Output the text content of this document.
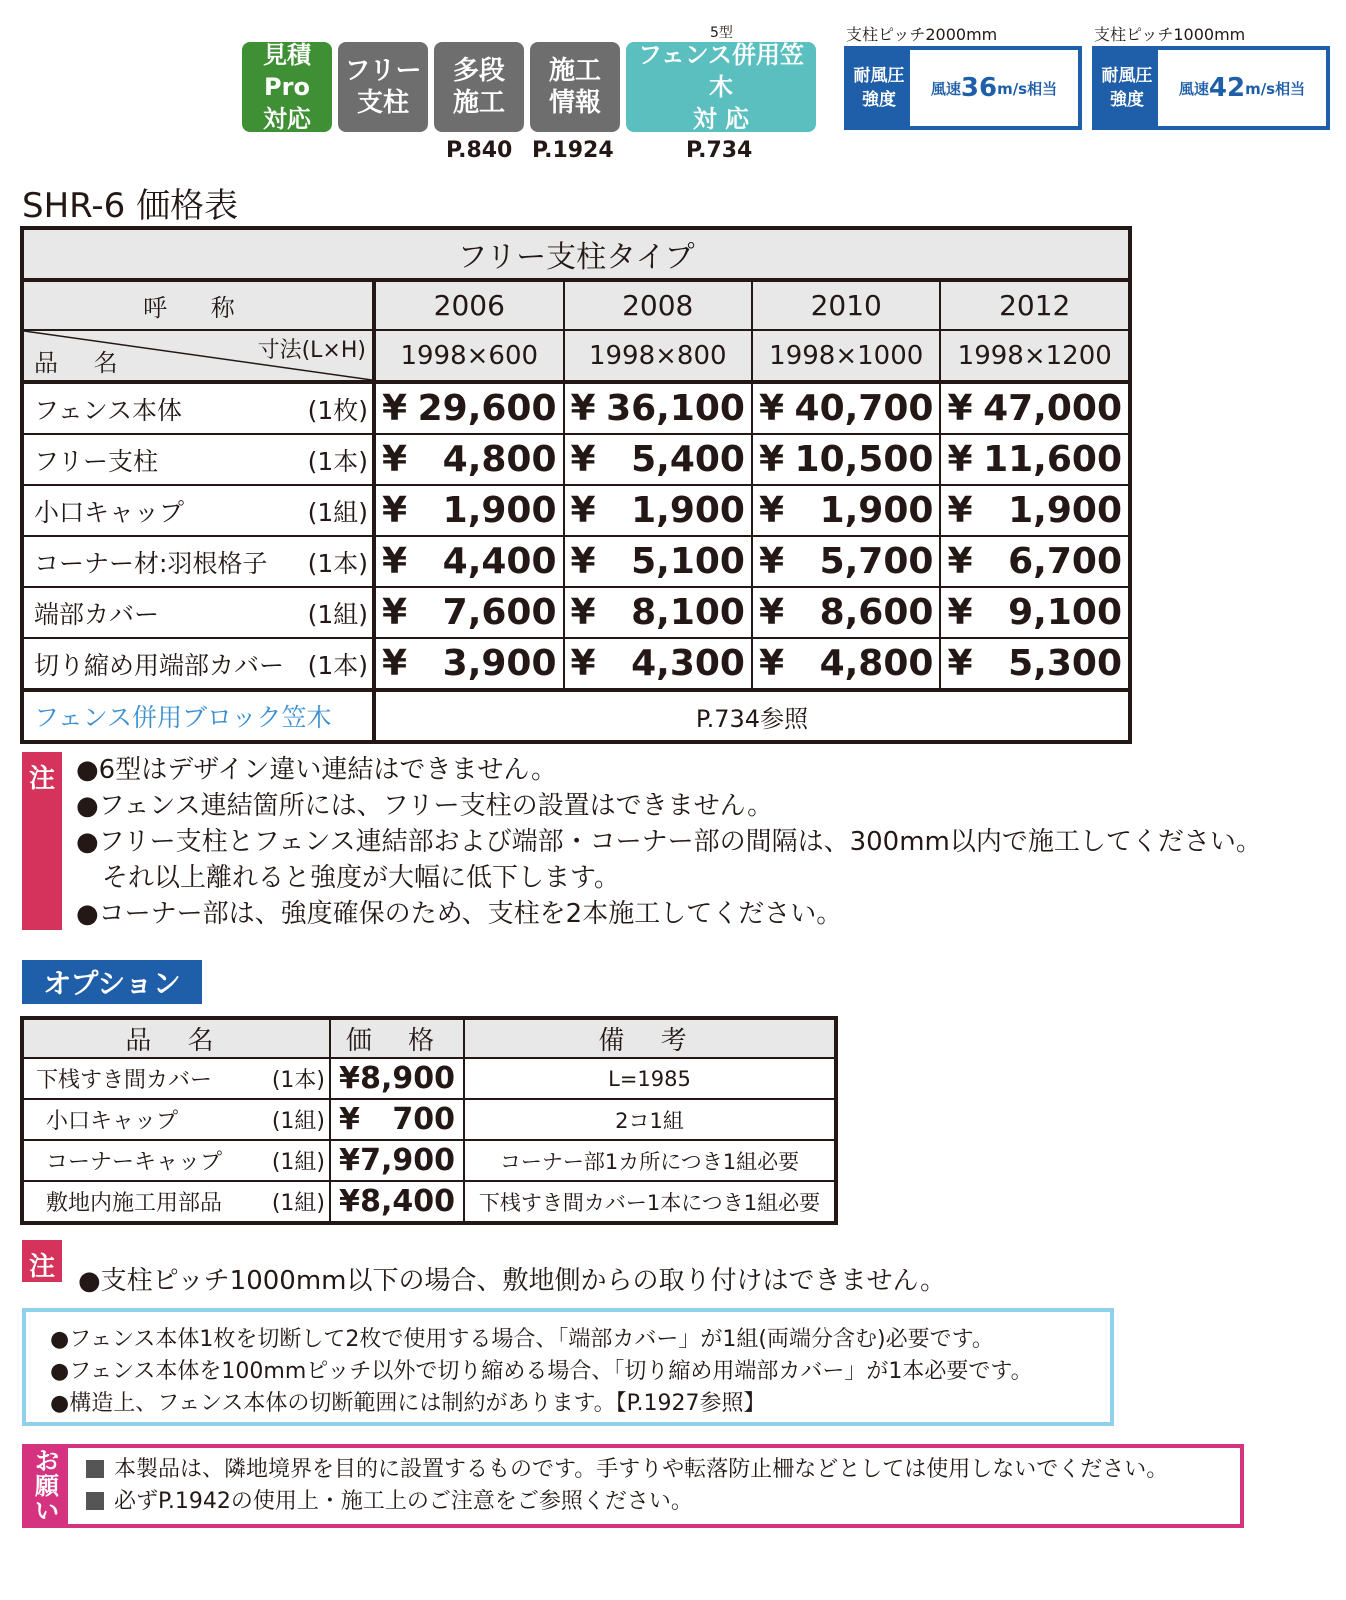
見積Pro
対応
フリー
支柱
多段
施工
施工
情報
5型
フェンス併用笠木
対 応
P.840 P.1924	P.734
支柱ピッチ2000mm
耐風圧
強度
風速 36 m/s相当
支柱ピッチ1000mm
耐風圧
強度
風速 42 m/s相当
SHR-6 価格表
フリー支柱タイプ				
呼 称	2006	2008	2010	2012

寸法(L×H)
品 名	1998×600	1998×800	1998×1000	1998×1200

フェンス本体 (1枚)	¥ 29,600	¥ 36,100	¥ 40,700	¥ 47,000

フリー支柱 (1本)	¥ 4,800	¥ 5,400	¥ 10,500	¥ 11,600

小口キャップ (1組)	¥ 1,900	¥ 1,900	¥ 1,900	¥ 1,900

コーナー材:羽根格子 (1本)	¥ 4,400	¥ 5,100	¥ 5,700	¥ 6,700

端部カバー (1組)	¥ 7,600	¥ 8,100	¥ 8,600	¥ 9,100

切り縮め用端部カバー (1本)	¥ 3,900	¥ 4,300	¥ 4,800	¥ 5,300

フェンス併用ブロック笠木	P.734参照			
注 ●6型はデザイン違い連結はできません。
●フェンス連結箇所には、フリー支柱の設置はできません。
●フリー支柱とフェンス連結部および端部・コーナー部の間隔は、300mm以内で施工してください。
　それ以上離れると強度が大幅に低下します。
●コーナー部は、強度確保のため、支柱を2本施工してください。
オプション
品 名	価 格	備 考

下桟すき間カバー (1本)	¥ 8,900	L=1985

小口キャップ (1組)	¥ 700	2コ1組

コーナーキャップ (1組)	¥ 7,900	コーナー部1カ所につき1組必要

敷地内施工用部品 (1組)	¥ 8,400	下桟すき間カバー1本につき1組必要
注 ●支柱ピッチ1000mm以下の場合、敷地側からの取り付けはできません。
●フェンス本体1枚を切断して2枚で使用する場合、「端部カバー」が1組(両端分含む)必要です。
●フェンス本体を100mmピッチ以外で切り縮める場合、「切り縮め用端部カバー」が1本必要です。
●構造上、フェンス本体の切断範囲には制約があります。【P.1927参照】
お願い
本製品は、隣地境界を目的に設置するものです。手すりや転落防止柵などとしては使用しないでください。
必ずP.1942の使用上・施工上のご注意をご参照ください。
